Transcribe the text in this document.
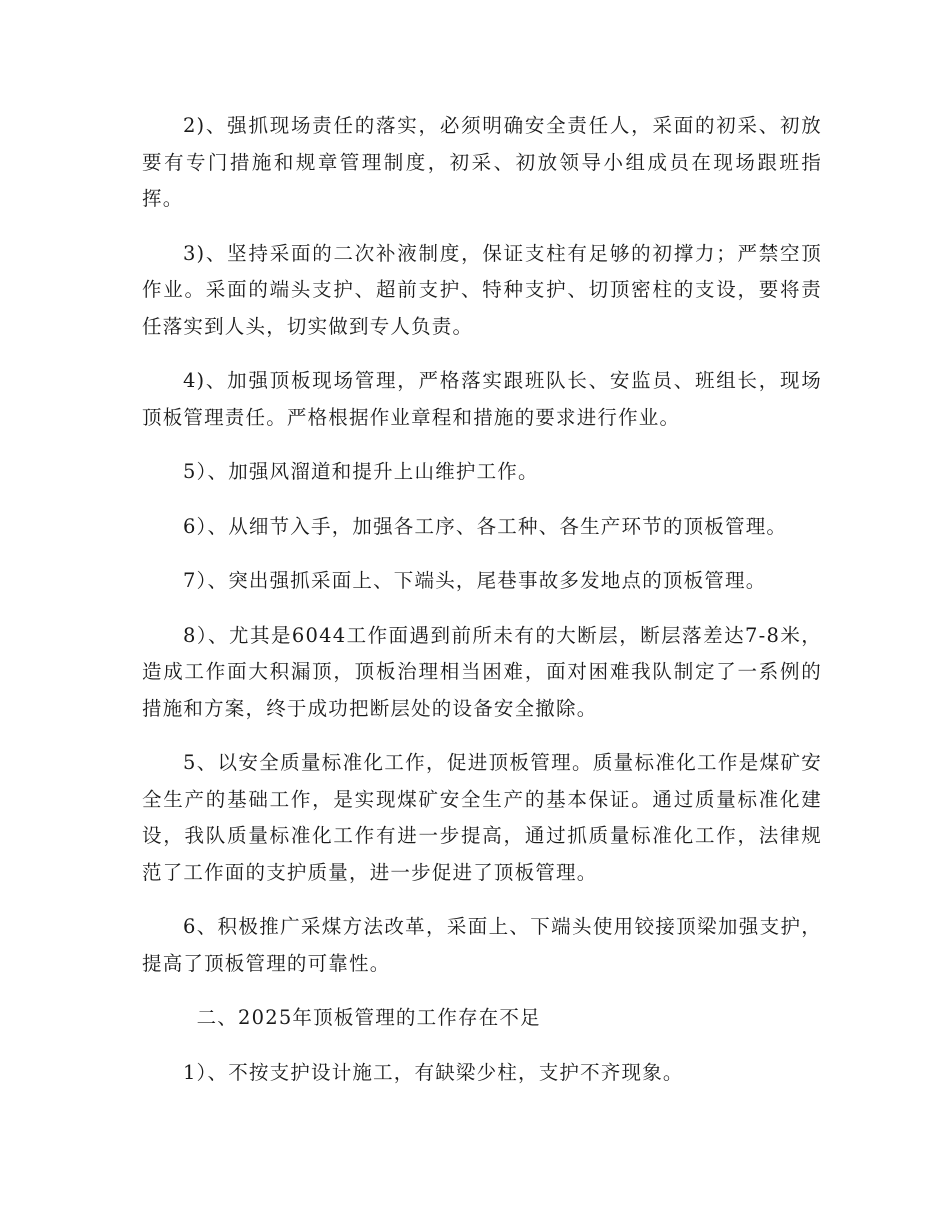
2)、强抓现场责任的落实，必须明确安全责任人，采面的初采、初放要有专门措施和规章管理制度，初采、初放领导小组成员在现场跟班指挥。

3)、坚持采面的二次补液制度，保证支柱有足够的初撑力；严禁空顶作业。采面的端头支护、超前支护、特种支护、切顶密柱的支设，要将责任落实到人头，切实做到专人负责。

4)、加强顶板现场管理，严格落实跟班队长、安监员、班组长，现场顶板管理责任。严格根据作业章程和措施的要求进行作业。

5）、加强风溜道和提升上山维护工作。

6）、从细节入手，加强各工序、各工种、各生产环节的顶板管理。

7）、突出强抓采面上、下端头，尾巷事故多发地点的顶板管理。

8）、尤其是6044工作面遇到前所未有的大断层，断层落差达7-8米，造成工作面大积漏顶，顶板治理相当困难，面对困难我队制定了一系例的措施和方案，终于成功把断层处的设备安全撤除。

5、以安全质量标准化工作，促进顶板管理。质量标准化工作是煤矿安全生产的基础工作，是实现煤矿安全生产的基本保证。通过质量标准化建设，我队质量标准化工作有进一步提高，通过抓质量标准化工作，法律规范了工作面的支护质量，进一步促进了顶板管理。

6、积极推广采煤方法改革，采面上、下端头使用铰接顶梁加强支护，提高了顶板管理的可靠性。

二、2025年顶板管理的工作存在不足

1）、不按支护设计施工，有缺梁少柱，支护不齐现象。
